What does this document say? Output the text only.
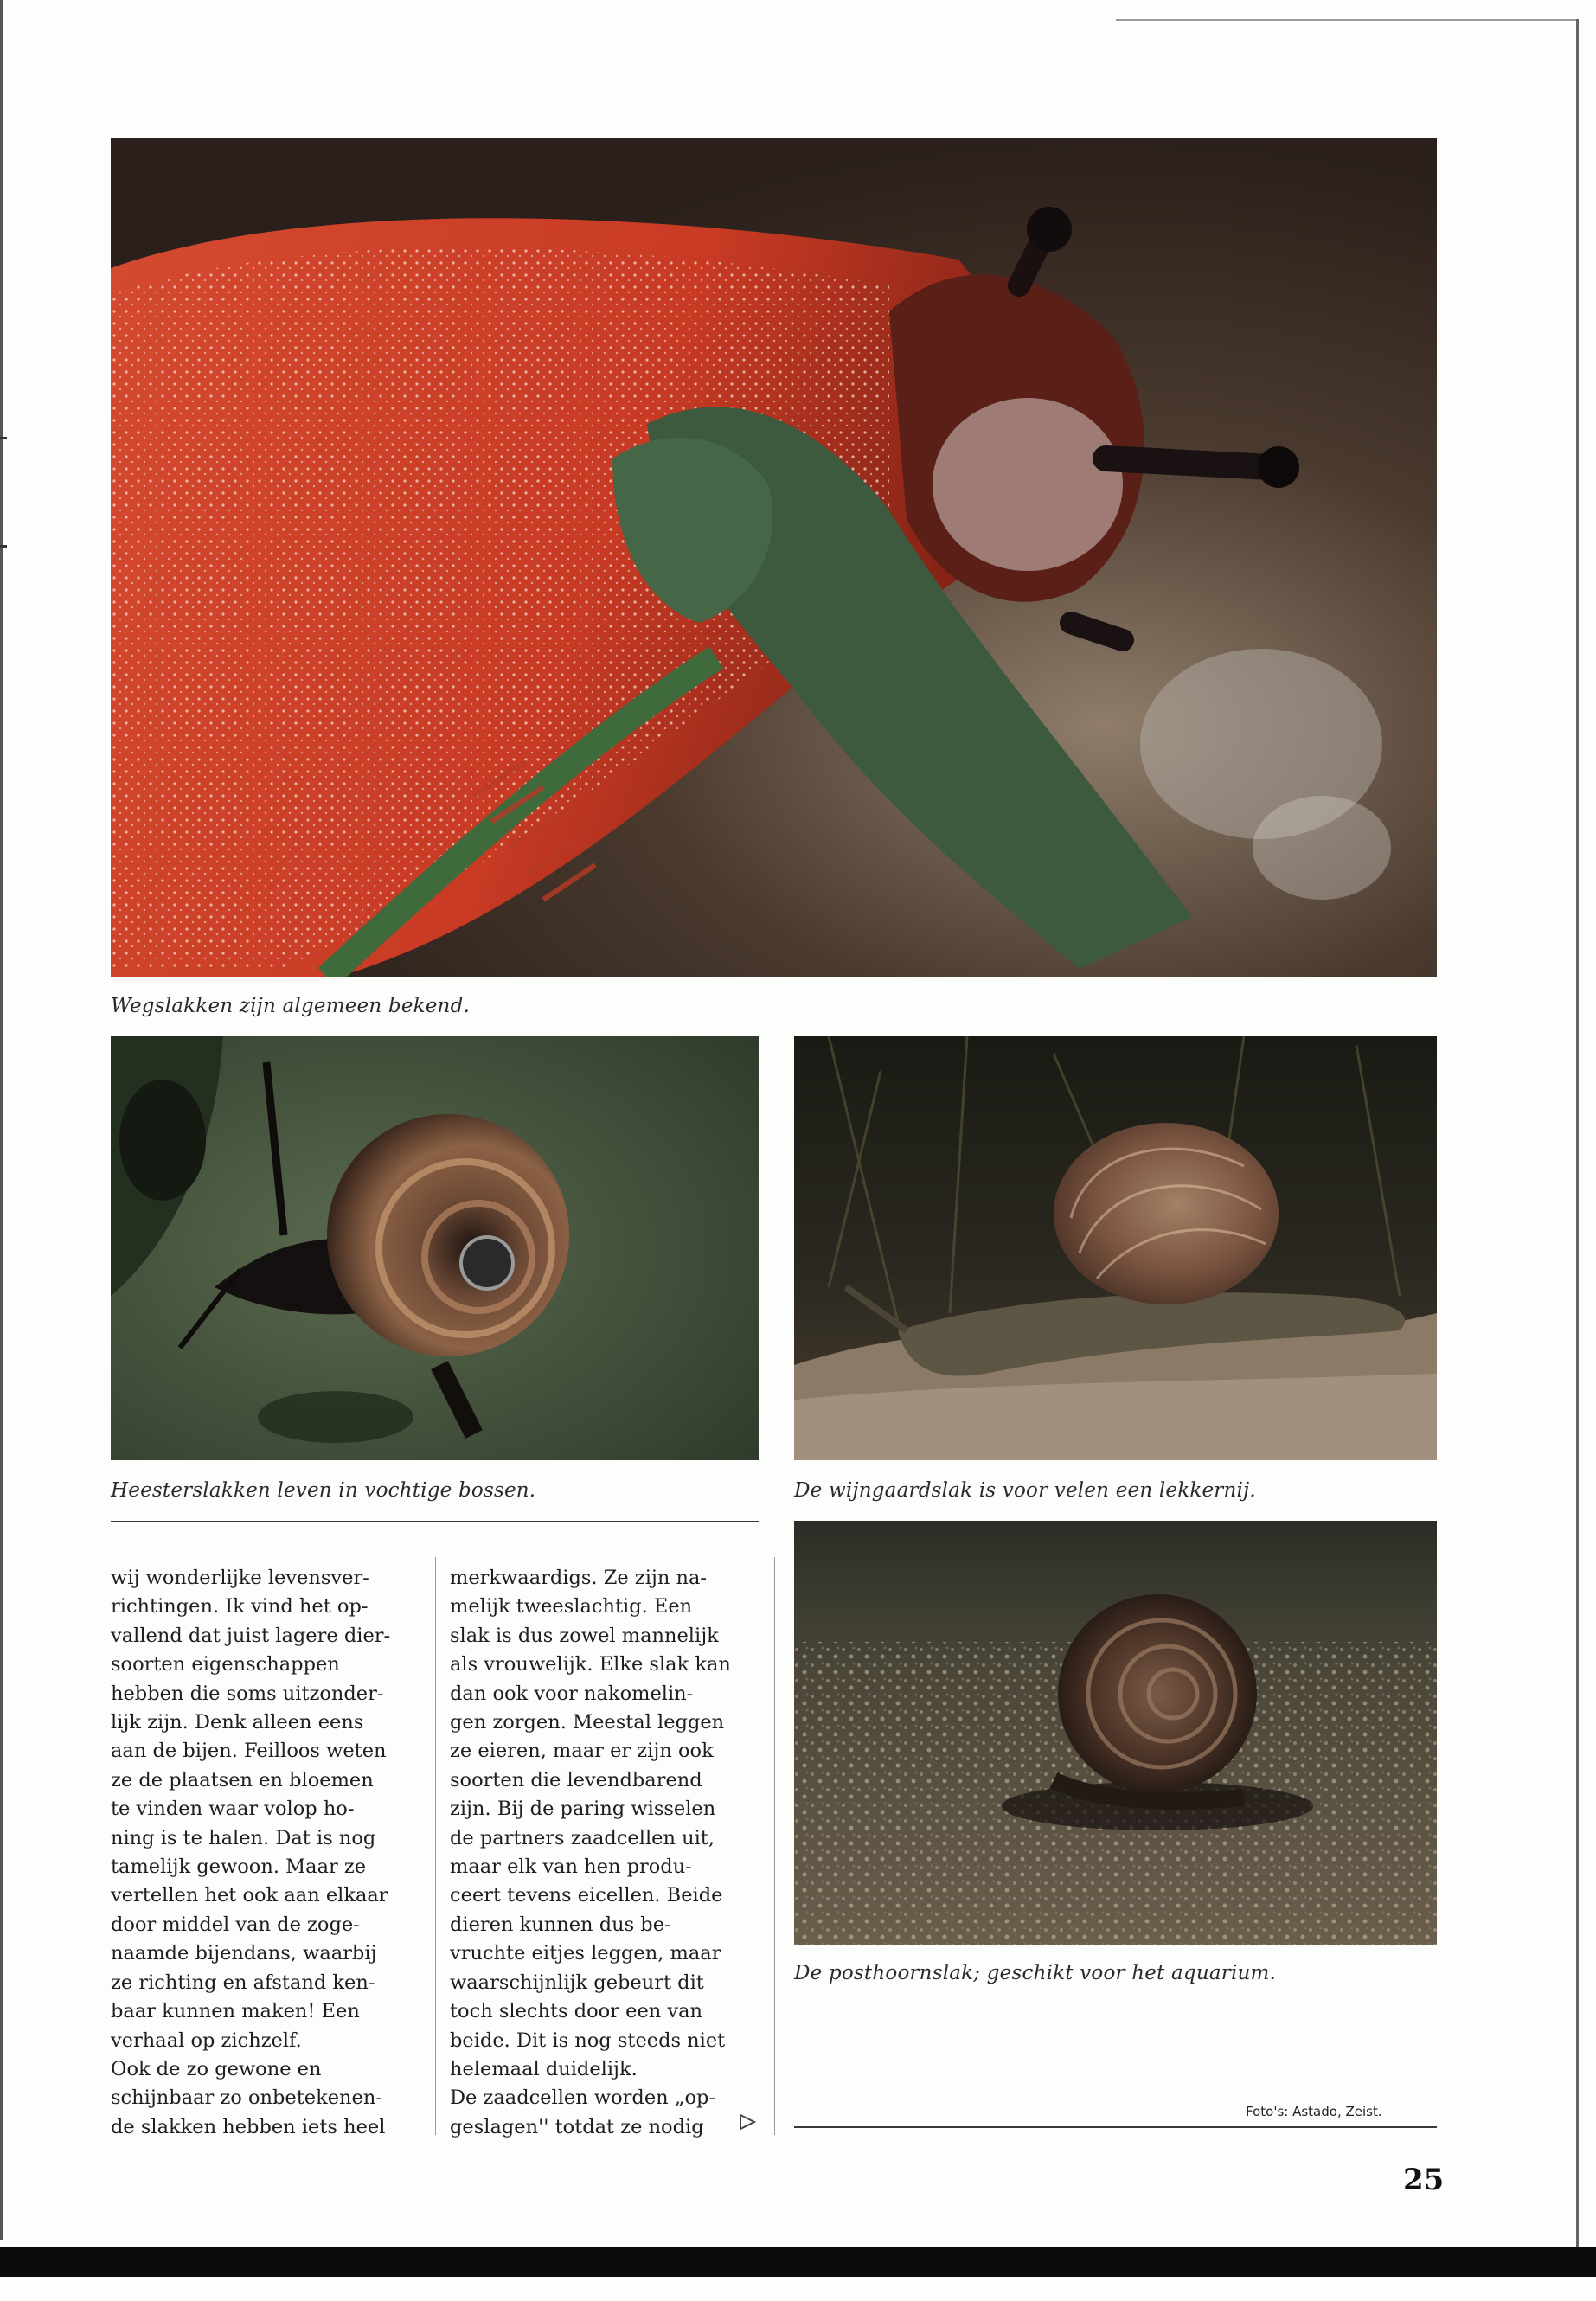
Wegslakken zijn algemeen bekend.
Heesterslakken leven in vochtige bossen.	De wijngaardslak is voor velen een lekkernij.
De posthoornslak; geschikt voor het aquarium.
wij wonderlijke levensver-
richtingen. Ik vind het op-
vallend dat juist lagere dier-
soorten eigenschappen
hebben die soms uitzonder-
lijk zijn. Denk alleen eens
aan de bijen. Feilloos weten
ze de plaatsen en bloemen
te vinden waar volop ho-
ning is te halen. Dat is nog
tamelijk gewoon. Maar ze
vertellen het ook aan elkaar
door middel van de zoge-
naamde bijendans, waarbij
ze richting en afstand ken-
baar kunnen maken! Een
verhaal op zichzelf.
Ook de zo gewone en
schijnbaar zo onbetekenen-
de slakken hebben iets heel
merkwaardigs. Ze zijn na-
melijk tweeslachtig. Een
slak is dus zowel mannelijk
als vrouwelijk. Elke slak kan
dan ook voor nakomelin-
gen zorgen. Meestal leggen
ze eieren, maar er zijn ook
soorten die levendbarend
zijn. Bij de paring wisselen
de partners zaadcellen uit,
maar elk van hen produ-
ceert tevens eicellen. Beide
dieren kunnen dus be-
vruchte eitjes leggen, maar
waarschijnlijk gebeurt dit
toch slechts door een van
beide. Dit is nog steeds niet
helemaal duidelijk.
De zaadcellen worden „op-
geslagen'' totdat ze nodig
Foto's: Astado, Zeist.
25
